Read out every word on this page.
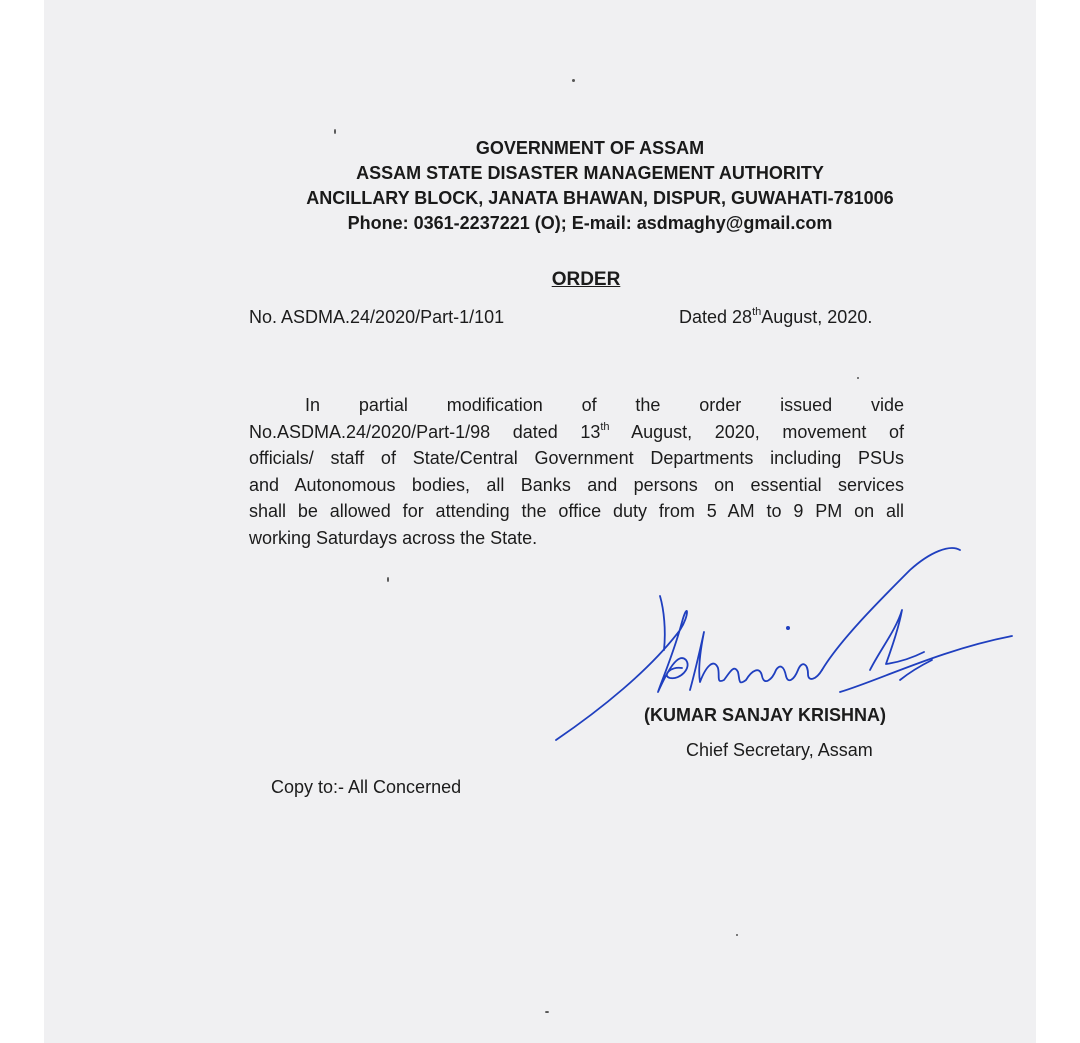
GOVERNMENT OF ASSAM
ASSAM STATE DISASTER MANAGEMENT AUTHORITY
ANCILLARY BLOCK, JANATA BHAWAN, DISPUR, GUWAHATI-781006
Phone: 0361-2237221 (O); E-mail: asdmaghy@gmail.com
ORDER
No. ASDMA.24/2020/Part-1/101	Dated 28thAugust, 2020.
In partial modification of the order issued vide
No.ASDMA.24/2020/Part-1/98 dated 13th August, 2020, movement of
officials/ staff of State/Central Government Departments including PSUs
and Autonomous bodies, all Banks and persons on essential services
shall be allowed for attending the office duty from 5 AM to 9 PM on all
working Saturdays across the State.
(KUMAR SANJAY KRISHNA)
Chief Secretary, Assam
Copy to:- All Concerned
